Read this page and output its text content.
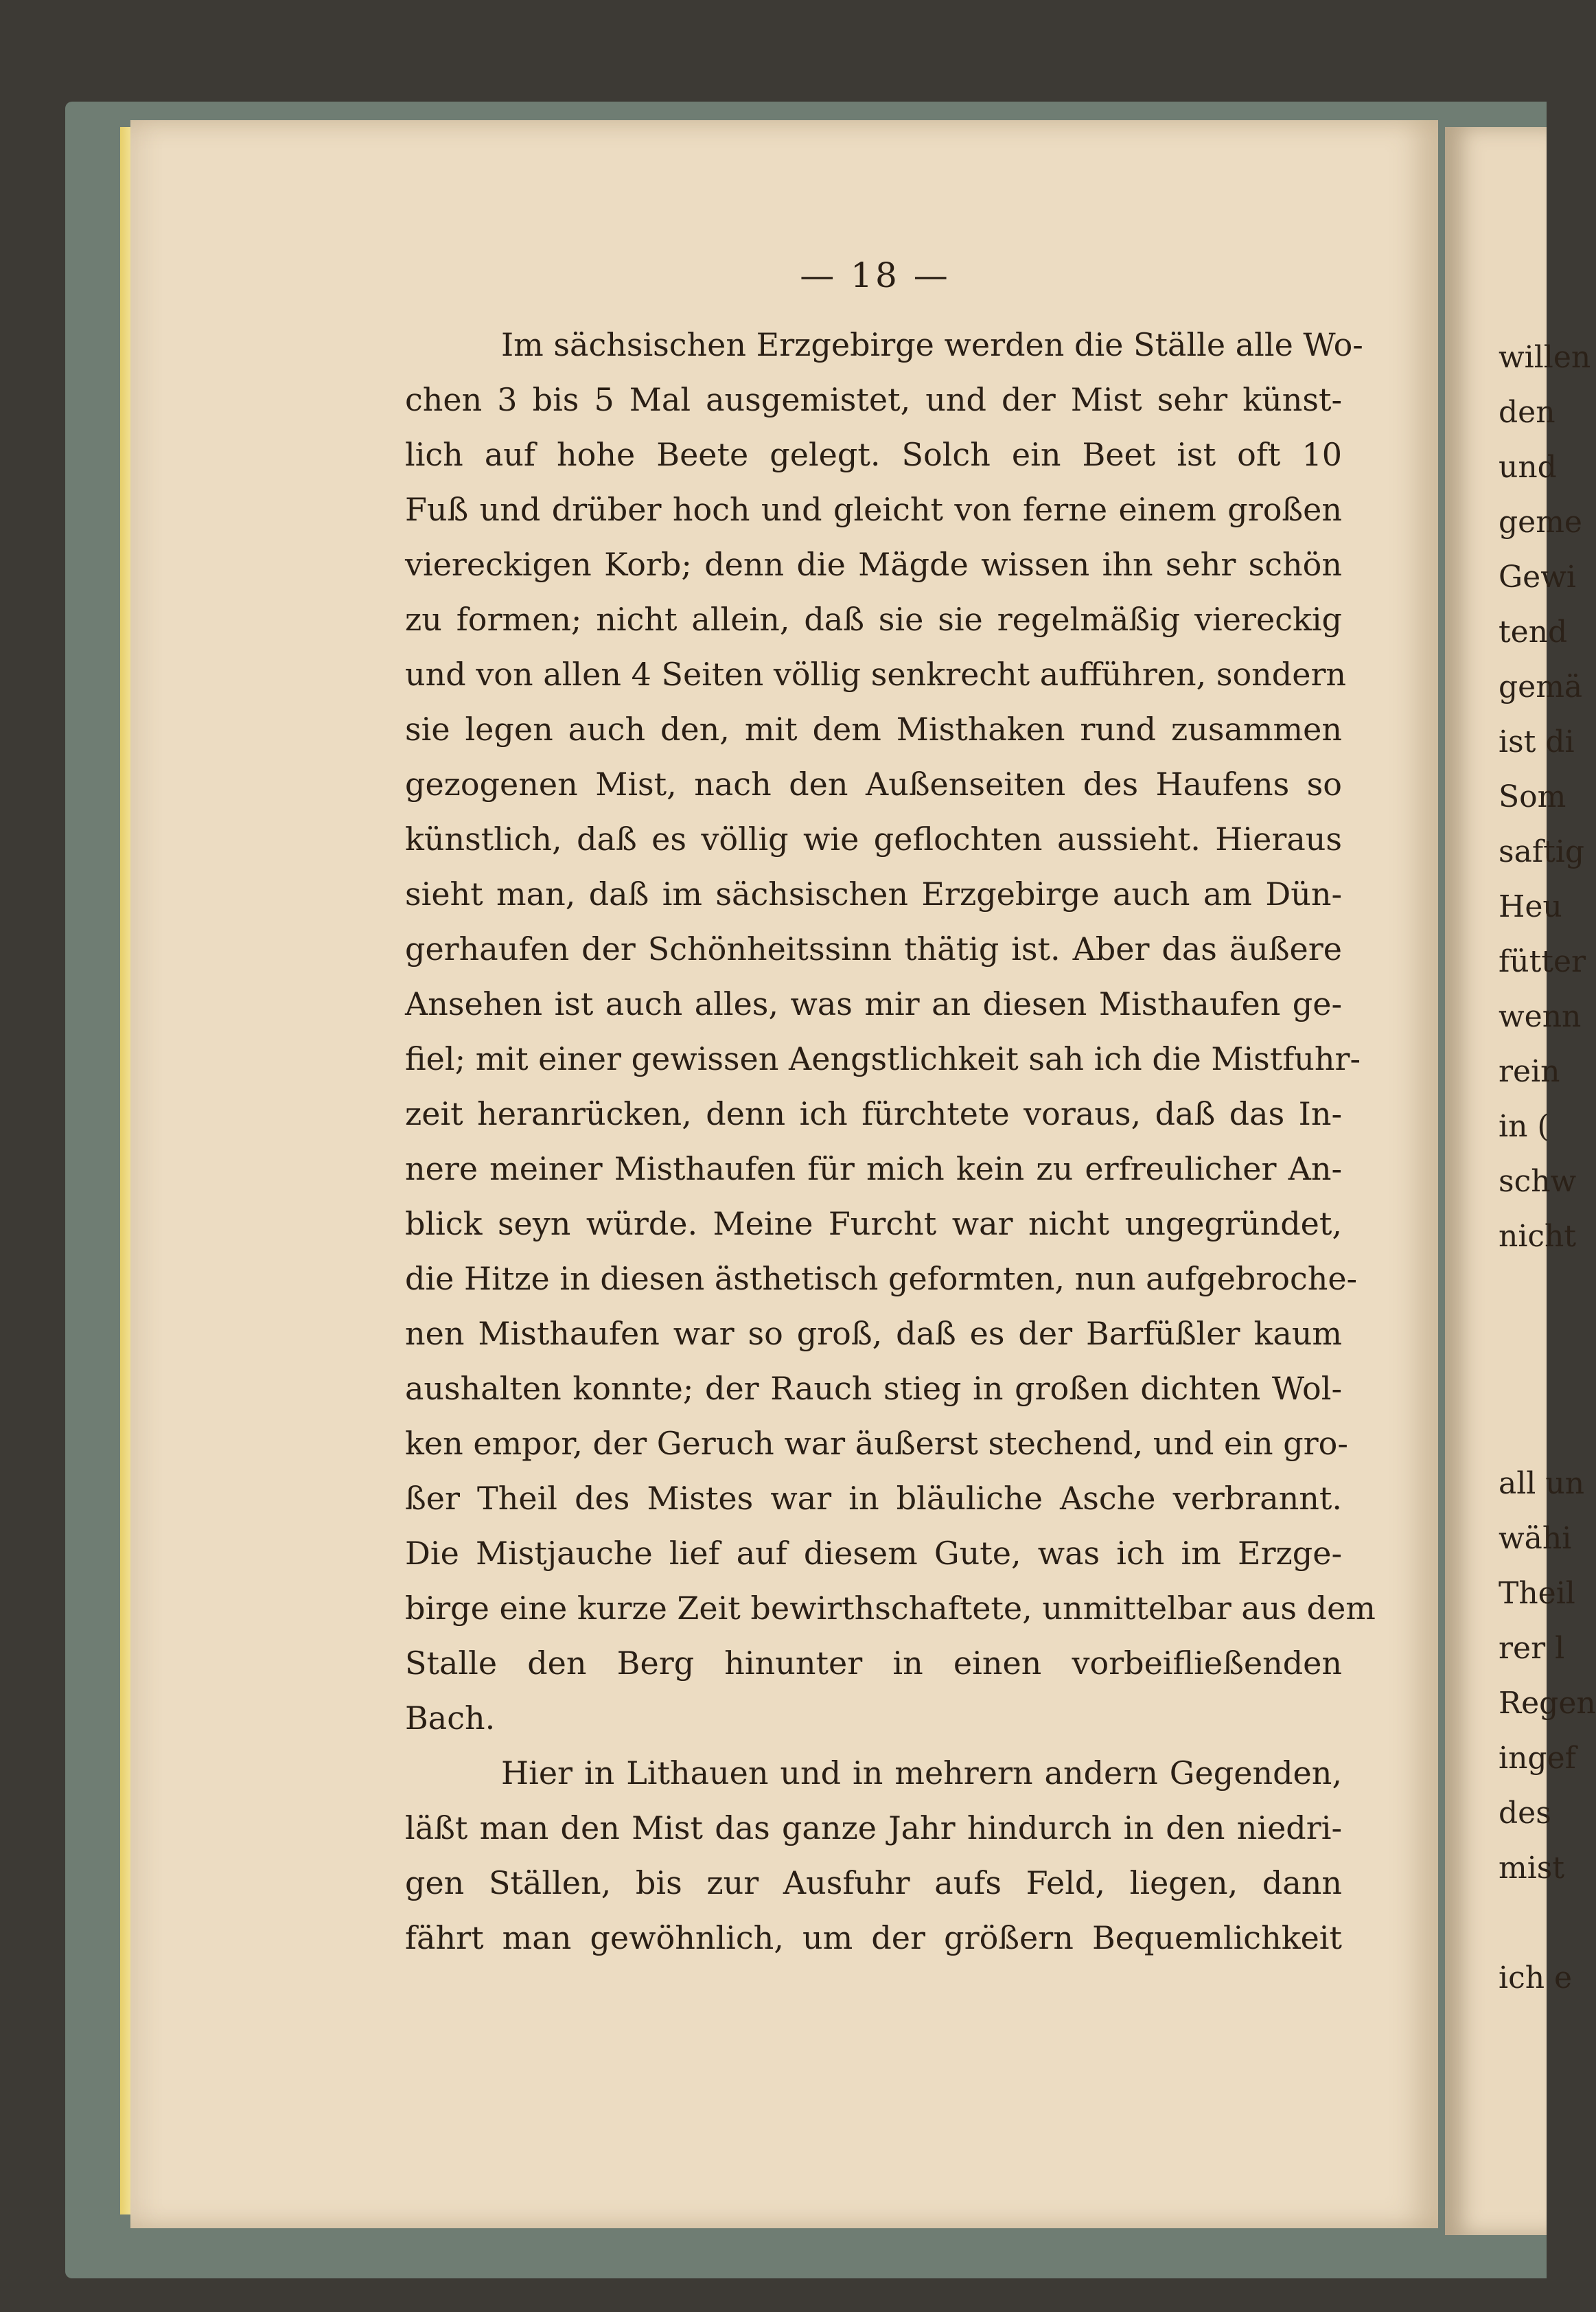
— 18 —
Im sächsischen Erzgebirge werden die Ställe alle Wo-
chen 3 bis 5 Mal ausgemistet, und der Mist sehr künst-
lich auf hohe Beete gelegt. Solch ein Beet ist oft 10
Fuß und drüber hoch und gleicht von ferne einem großen
viereckigen Korb; denn die Mägde wissen ihn sehr schön
zu formen; nicht allein, daß sie sie regelmäßig viereckig
und von allen 4 Seiten völlig senkrecht aufführen, sondern
sie legen auch den, mit dem Misthaken rund zusammen
gezogenen Mist, nach den Außenseiten des Haufens so
künstlich, daß es völlig wie geflochten aussieht. Hieraus
sieht man, daß im sächsischen Erzgebirge auch am Dün-
gerhaufen der Schönheitssinn thätig ist. Aber das äußere
Ansehen ist auch alles, was mir an diesen Misthaufen ge-
fiel; mit einer gewissen Aengstlichkeit sah ich die Mistfuhr-
zeit heranrücken, denn ich fürchtete voraus, daß das In-
nere meiner Misthaufen für mich kein zu erfreulicher An-
blick seyn würde. Meine Furcht war nicht ungegründet,
die Hitze in diesen ästhetisch geformten, nun aufgebroche-
nen Misthaufen war so groß, daß es der Barfüßler kaum
aushalten konnte; der Rauch stieg in großen dichten Wol-
ken empor, der Geruch war äußerst stechend, und ein gro-
ßer Theil des Mistes war in bläuliche Asche verbrannt.
Die Mistjauche lief auf diesem Gute, was ich im Erzge-
birge eine kurze Zeit bewirthschaftete, unmittelbar aus dem
Stalle den Berg hinunter in einen vorbeifließenden
Bach.
Hier in Lithauen und in mehrern andern Gegenden,
läßt man den Mist das ganze Jahr hindurch in den niedri-
gen Ställen, bis zur Ausfuhr aufs Feld, liegen, dann
fährt man gewöhnlich, um der größern Bequemlichkeit
willen
den
und
geme
Gewi
tend
gemä
ist di
Som
saftig
Heu
fütter
wenn
rein
in (
schw
nicht
all un
wähi
Theil
rer l
Regen
ingef
des
mist
ich e
